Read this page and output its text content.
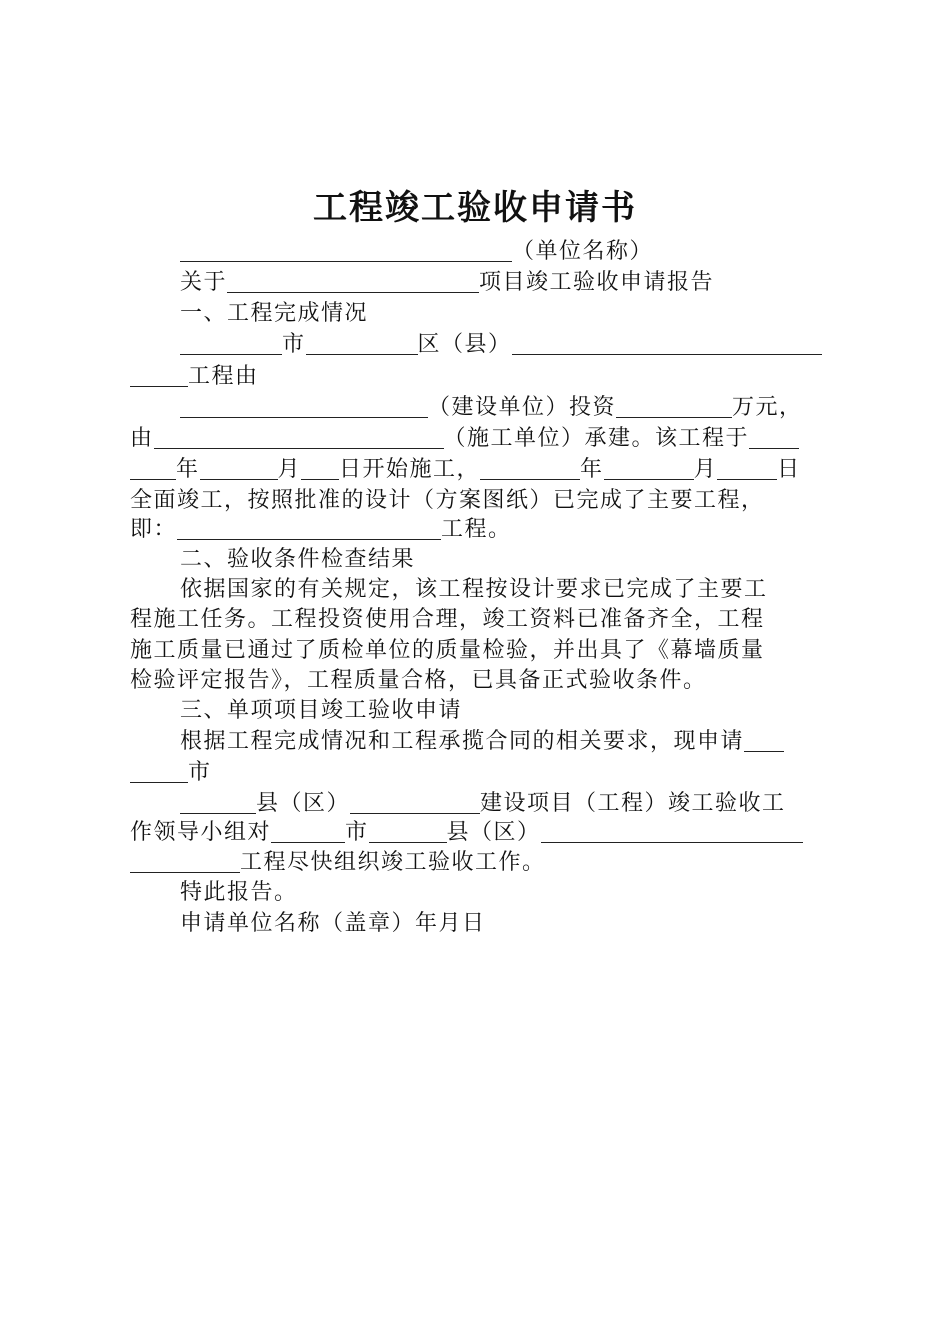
工程竣工验收申请书
（单位名称）
关于	项目竣工验收申请报告
一、工程完成情况
市	区（县）
工程由
（建设单位）投资	万元，
由	（施工单位）承建。该工程于
年	月 日开始施工，	年	月	日
全面竣工，按照批准的设计（方案图纸）已完成了主要工程，
即：	工程。
二、验收条件检查结果
依据国家的有关规定，该工程按设计要求已完成了主要工
程施工任务。工程投资使用合理，竣工资料已准备齐全，工程
施工质量已通过了质检单位的质量检验，并出具了《幕墙质量
检验评定报告》，工程质量合格，已具备正式验收条件。
三、单项项目竣工验收申请
根据工程完成情况和工程承揽合同的相关要求，现申请
市
县（区）	建设项目（工程）竣工验收工
作领导小组对	市	县（区）
工程尽快组织竣工验收工作。
特此报告。
申请单位名称（盖章）年月日
